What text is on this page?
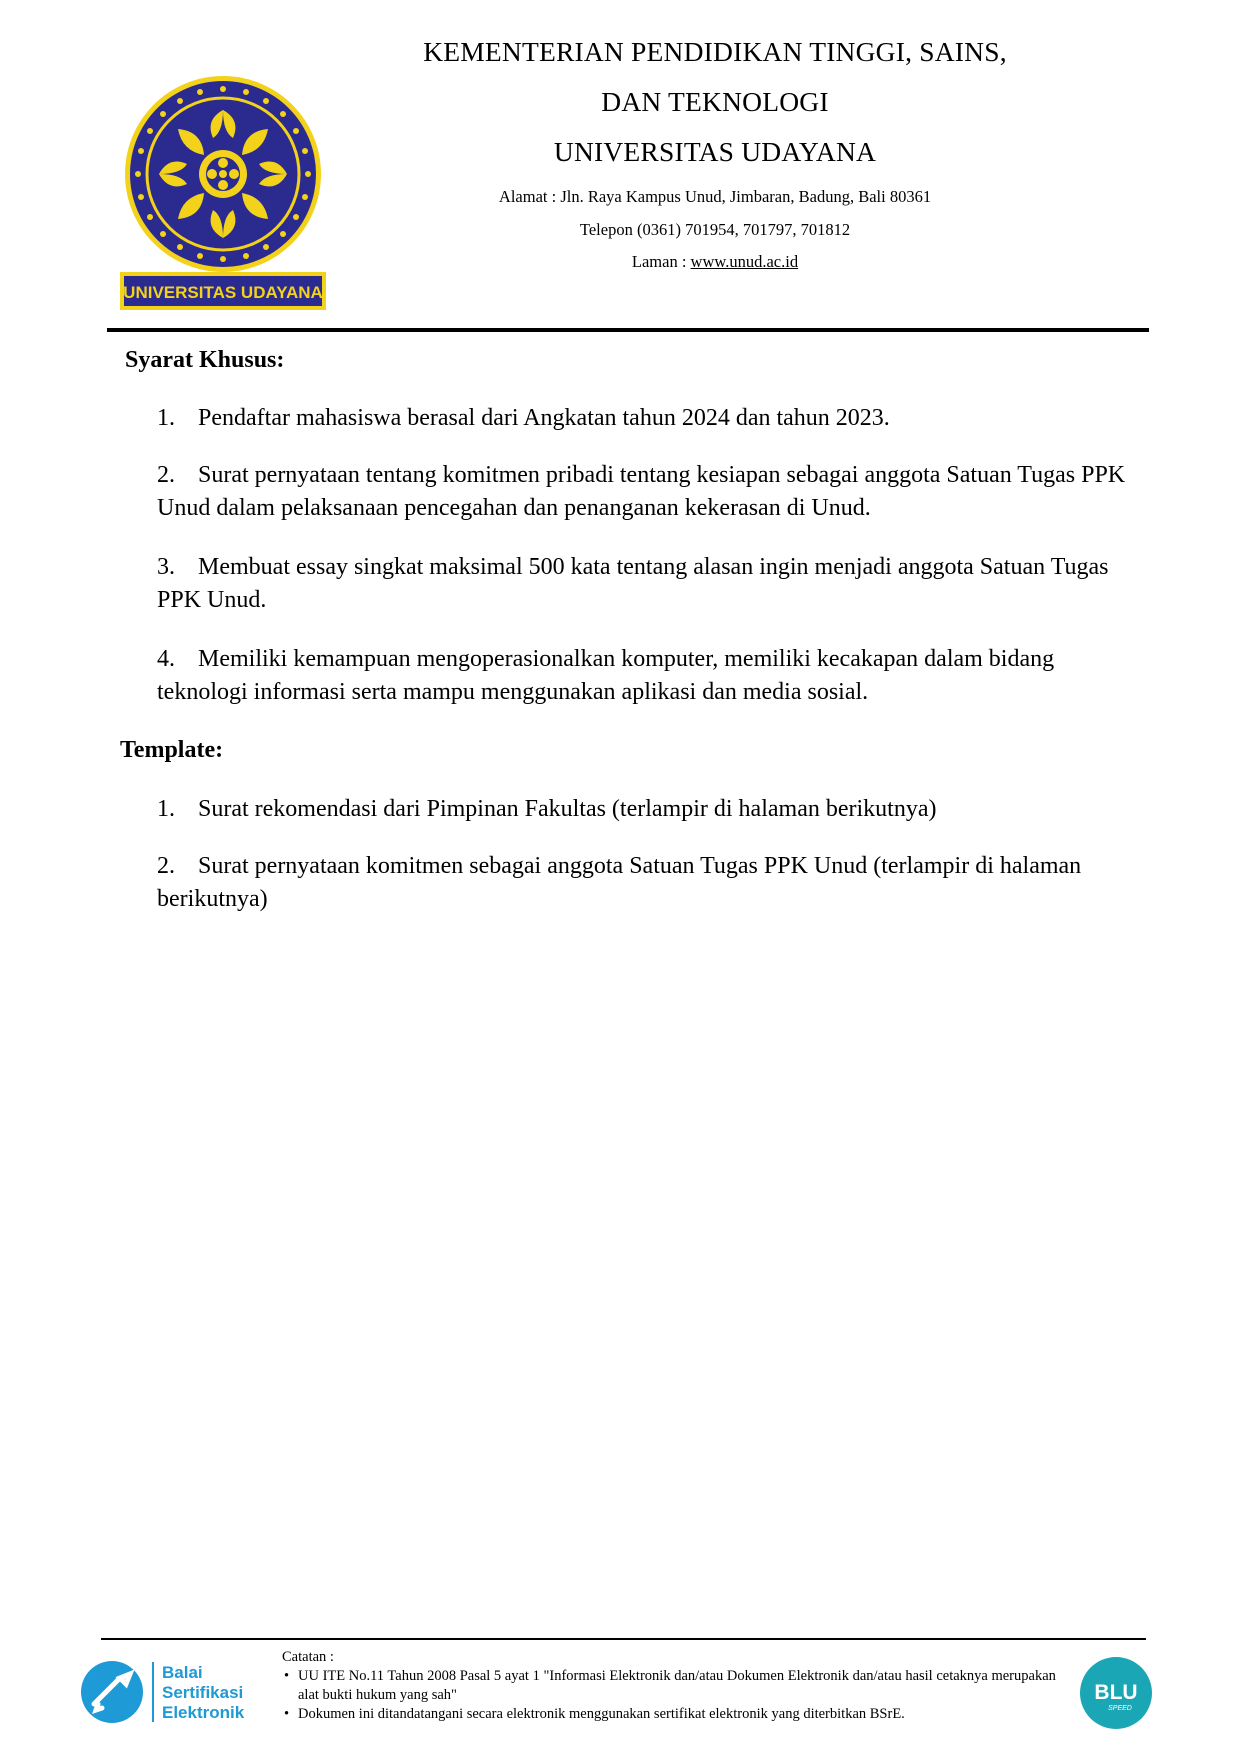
UNIVERSITAS UDAYANA
KEMENTERIAN PENDIDIKAN TINGGI, SAINS,
DAN TEKNOLOGI
UNIVERSITAS UDAYANA
Alamat : Jln. Raya Kampus Unud, Jimbaran, Badung, Bali 80361
Telepon (0361) 701954, 701797, 701812
Laman : www.unud.ac.id
Syarat Khusus:
1. Pendaftar mahasiswa berasal dari Angkatan tahun 2024 dan tahun 2023.
2. Surat pernyataan tentang komitmen pribadi tentang kesiapan sebagai anggota Satuan Tugas PPK Unud dalam pelaksanaan pencegahan dan penanganan kekerasan di Unud.
3. Membuat essay singkat maksimal 500 kata tentang alasan ingin menjadi anggota Satuan Tugas PPK Unud.
4. Memiliki kemampuan mengoperasionalkan komputer, memiliki kecakapan dalam bidang teknologi informasi serta mampu menggunakan aplikasi dan media sosial.
Template:
1. Surat rekomendasi dari Pimpinan Fakultas (terlampir di halaman berikutnya)
2. Surat pernyataan komitmen sebagai anggota Satuan Tugas PPK Unud (terlampir di halaman berikutnya)
Balai
Sertifikasi
Elektronik
Catatan :
• UU ITE No.11 Tahun 2008 Pasal 5 ayat 1 "Informasi Elektronik dan/atau Dokumen Elektronik dan/atau hasil cetaknya merupakan alat bukti hukum yang sah"
• Dokumen ini ditandatangani secara elektronik menggunakan sertifikat elektronik yang diterbitkan BSrE.
BLU
SPEED
